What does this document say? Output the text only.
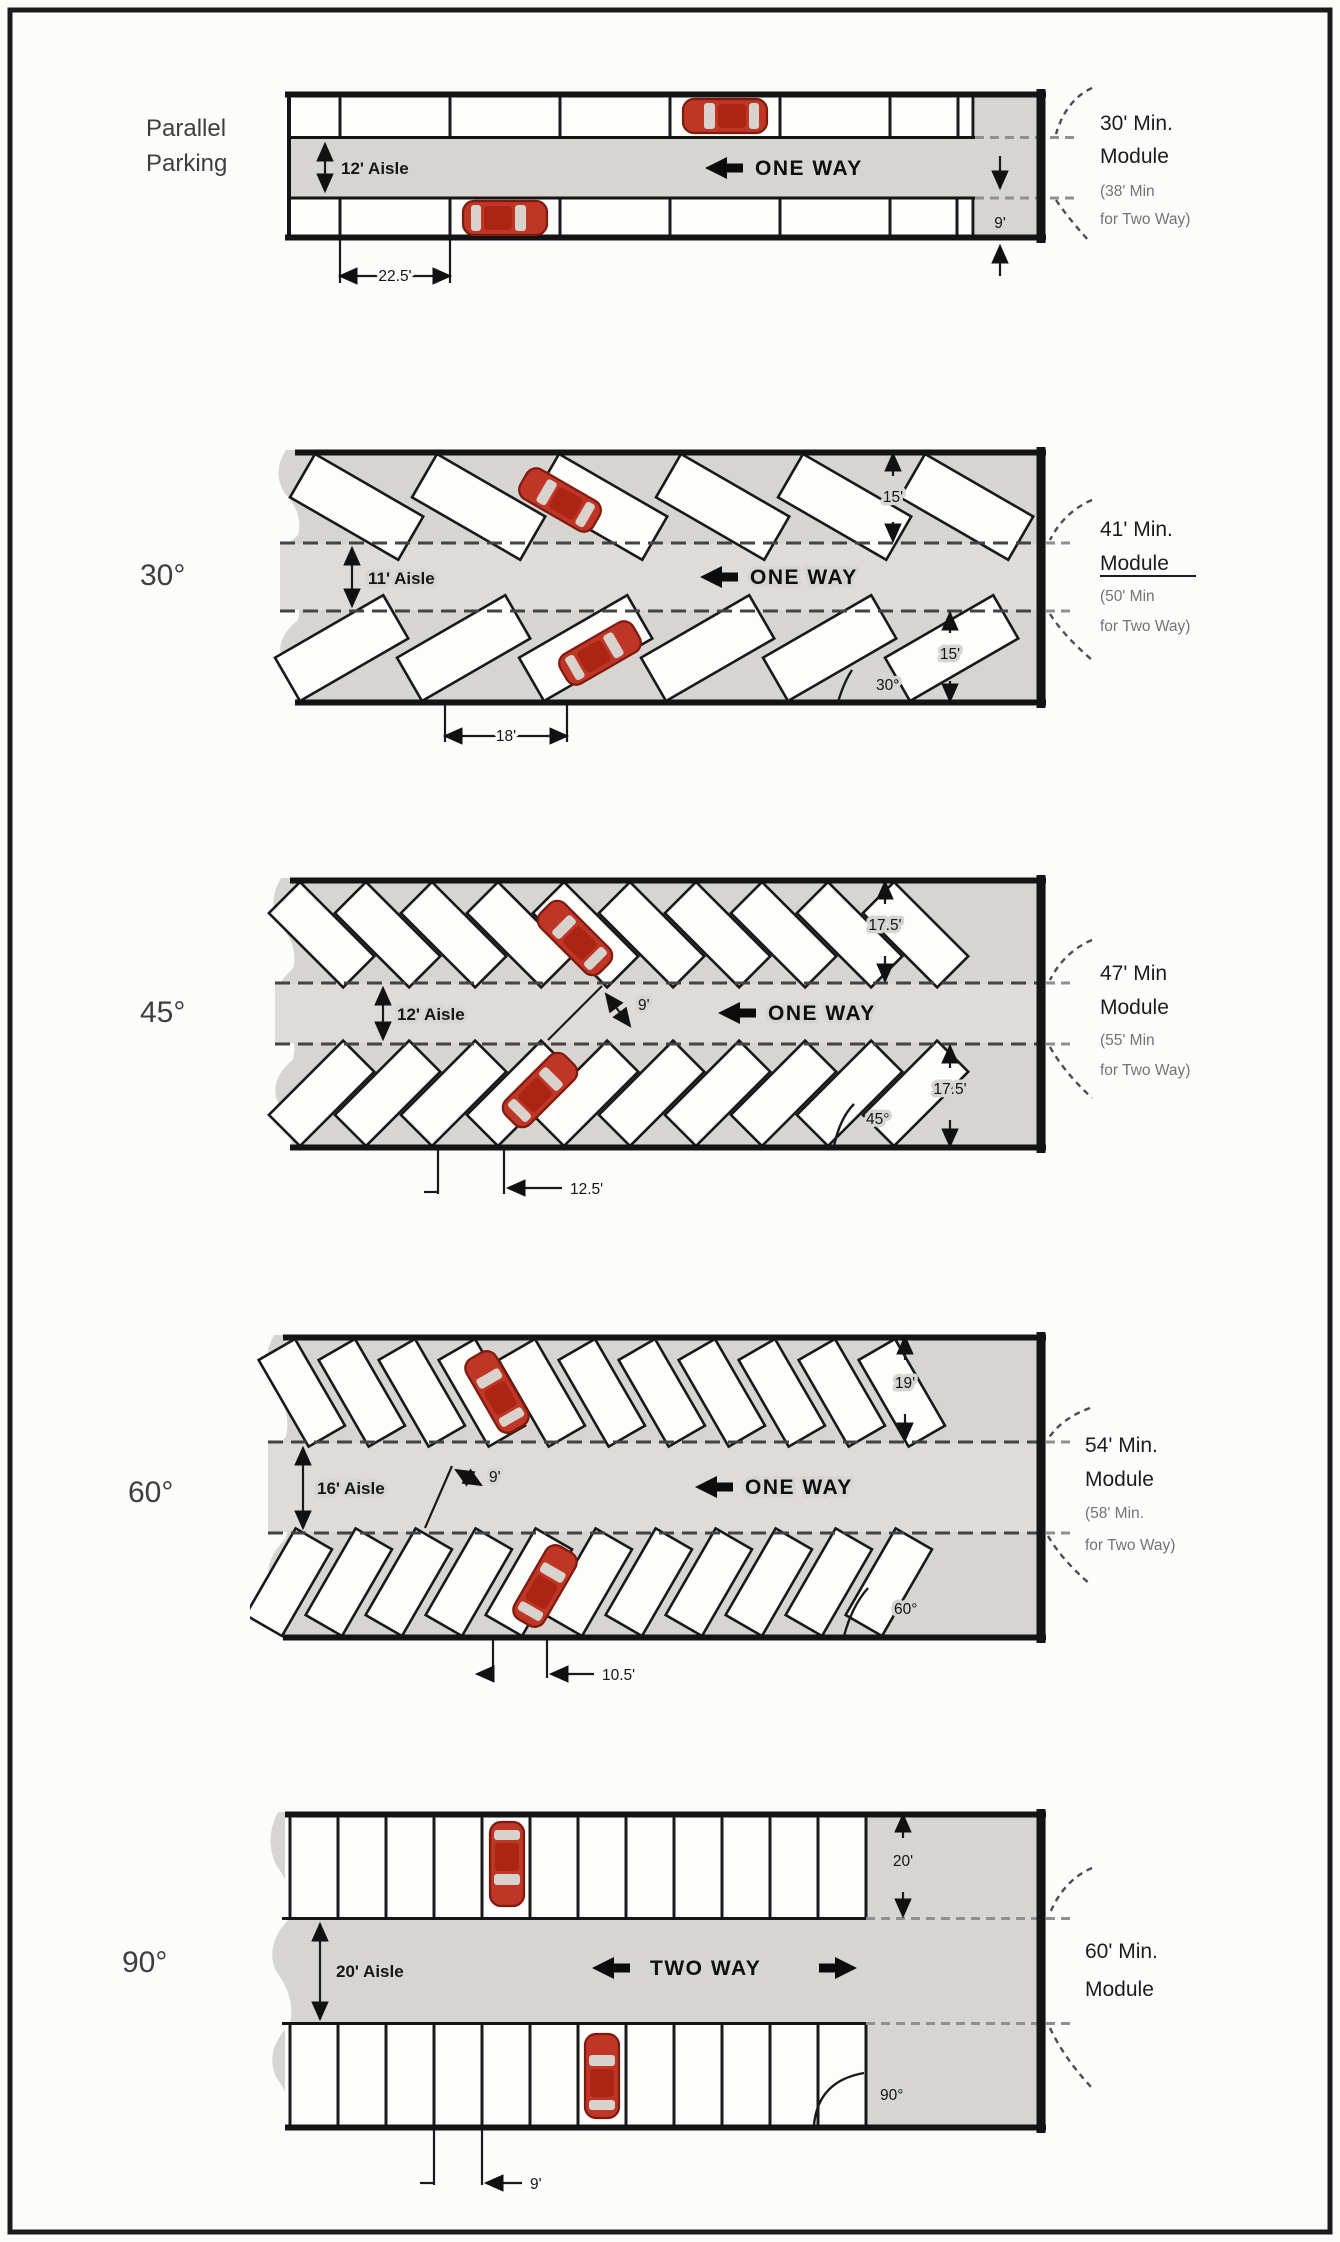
Parallel
Parking	12' Aisle	ONE WAY
9'
22.5'
30' Min.
Module
(38' Min
for Two Way)
30°	11' Aisle	ONE WAY
15'
15'
30°
18'
41' Min.
Module
(50' Min
for Two Way)
45°	12' Aisle	9'	ONE WAY
17.5'
17.5'
45°
12.5'
47' Min
Module
(55' Min
for Two Way)
60°	16' Aisle
9'	ONE WAY
19'
60°
10.5'
54' Min.
Module
(58' Min.
for Two Way)
90°
20'
20' Aisle	TWO WAY
90°
9'
60' Min.
Module
